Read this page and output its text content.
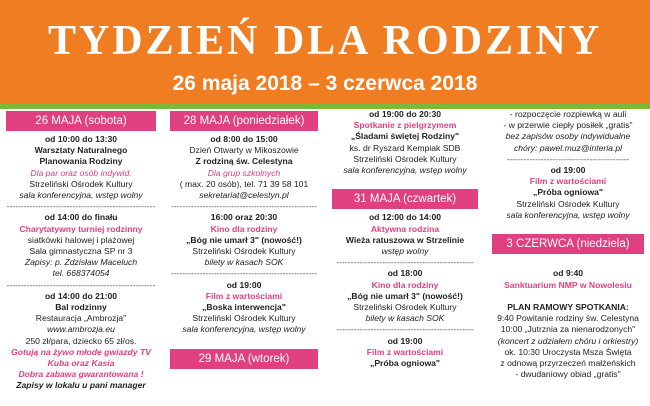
TYDZIEŃ DLA RODZINY
26 maja 2018 – 3 czerwca 2018
26 MAJA (sobota)
od 10:00 do 13:30
Warsztaty Naturalnego
Planowania Rodziny
Dla par oraz osób indywid.
Strzeliński Ośrodek Kultury
sala konferencyjna, wstęp wolny
----------------------------------------------------
od 14:00 do finału
Charytatywny turniej rodzinny
siatkówki halowej i plażowej
Sala gimnastyczna SP nr 3
Zapisy: p. Zdzisław Maceluch
tel. 668374054
----------------------------------------------------
od 14:00 do 21:00
Bal rodzinny
Restauracja „Ambrozja"
www.ambrozja.eu
250 zł/para, dziecko 65 zł/os.
Gotują na żywo młode gwiazdy TV
Kuba oraz Kasia
Dobra zabawa gwarantowana !
Zapisy w lokalu u pani manager
28 MAJA (poniedziałek)
od 8:00 do 15:00
Dzień Otwarty w Mikoszowie
Z rodziną św. Celestyna
Dla grup szkolnych
( max. 20 osób), tel. 71 39 58 101
sekretariat@celestyn.pl
---------------------------------------------------
16:00 oraz 20:30
Kino dla rodziny
„Bóg nie umarł 3" (nowość!)
Strzeliński Ośrodek Kultury
bilety w kasach SOK
---------------------------------------------------
od 19:00
Film z wartościami
„Boska interwencja"
Strzeliński Ośrodek Kultury
sala konferencyjna, wstęp wolny

29 MAJA (wtorek)
od 19:00 do 20:30
Spotkanie z pielgrzymem
„Śladami świętej Rodziny"
ks. dr Ryszard Kempiak SDB
Strzeliński Ośrodek Kultury
sala konferencyjna, wstęp wolny

31 MAJA (czwartek)
od 12:00 do 14:00
Aktywna rodzina
Wieża ratuszowa w Strzelinie
wstęp wolny
------------------------------------------------
od 18:00
Kino dla rodziny
„Bóg nie umarł 3" (nowość!)
Strzeliński Ośrodek Kultury
bilety w kasach SOK
------------------------------------------------
od 19:00
Film z wartościami
„Próba ogniowa"
- rozpoczęcie rozpiewką w auli
- w przerwie ciepły posiłek „gratis"
bez zapisów osoby indywidualne
chóry: pawel.muz@interia.pl
-------------------------------------------
od 19:00
Film z wartościami
„Próba ogniowa"
Strzeliński Ośrodek Kultury
sala konferencyjna, wstęp wolny

3 CZERWCA (niedziela)

od 9:40
Sanktuarium NMP w Nowolesiu

PLAN RAMOWY SPOTKANIA:
9:40 Powitanie rodziny św. Celestyna
10:00 „Jutrznia za nienarodzonych"
(koncert z udziałem chóru i orkiestry)
ok. 10:30 Uroczysta Msza Święta
z odnową przyrzeczeń małżeńskich
- dwudaniowy obiad „gratis"
